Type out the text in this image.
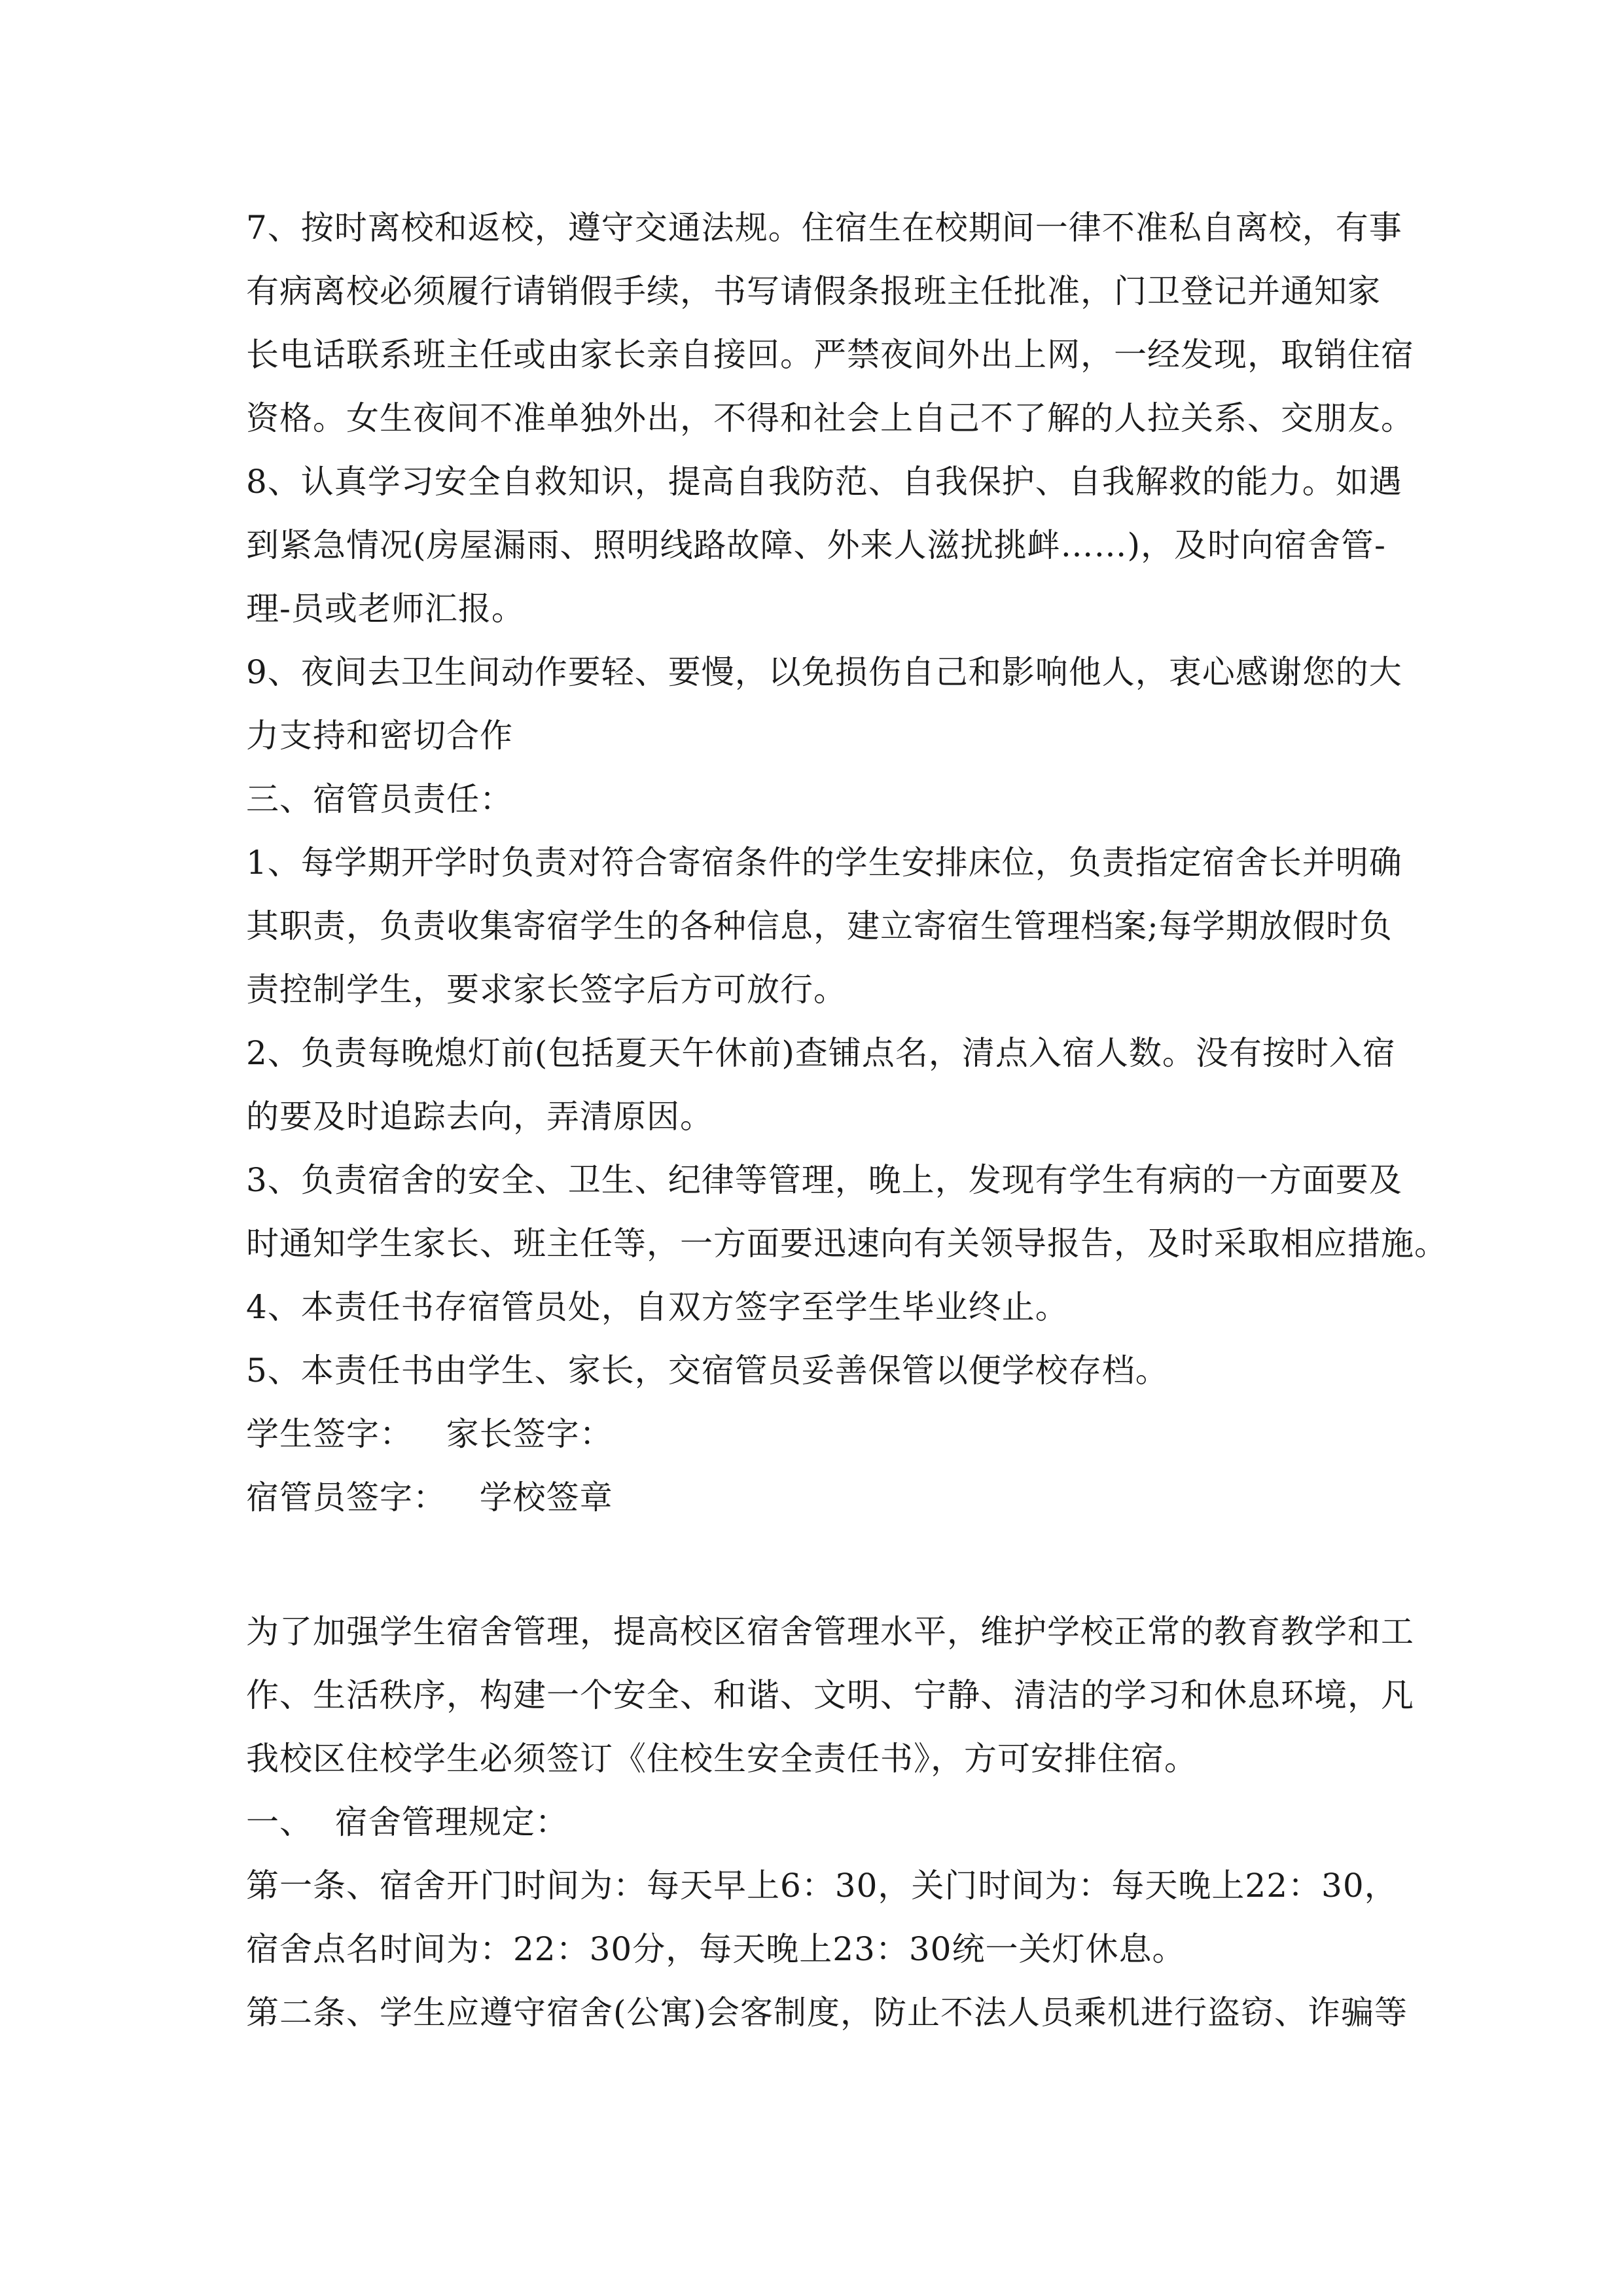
7、按时离校和返校，遵守交通法规。住宿生在校期间一律不准私自离校，有事
有病离校必须履行请销假手续，书写请假条报班主任批准，门卫登记并通知家
长电话联系班主任或由家长亲自接回。严禁夜间外出上网，一经发现，取销住宿
资格。女生夜间不准单独外出，不得和社会上自己不了解的人拉关系、交朋友。
8、认真学习安全自救知识，提高自我防范、自我保护、自我解救的能力。如遇
到紧急情况(房屋漏雨、照明线路故障、外来人滋扰挑衅……)，及时向宿舍管-
理-员或老师汇报。
9、夜间去卫生间动作要轻、要慢，以免损伤自己和影响他人，衷心感谢您的大
力支持和密切合作
三、宿管员责任：
1、每学期开学时负责对符合寄宿条件的学生安排床位，负责指定宿舍长并明确
其职责，负责收集寄宿学生的各种信息，建立寄宿生管理档案;每学期放假时负
责控制学生，要求家长签字后方可放行。
2、负责每晚熄灯前(包括夏天午休前)查铺点名，清点入宿人数。没有按时入宿
的要及时追踪去向，弄清原因。
3、负责宿舍的安全、卫生、纪律等管理，晚上，发现有学生有病的一方面要及
时通知学生家长、班主任等，一方面要迅速向有关领导报告，及时采取相应措施。
4、本责任书存宿管员处，自双方签字至学生毕业终止。
5、本责任书由学生、家长，交宿管员妥善保管以便学校存档。
学生签字：   家长签字：
宿管员签字：   学校签章
为了加强学生宿舍管理，提高校区宿舍管理水平，维护学校正常的教育教学和工
作、生活秩序，构建一个安全、和谐、文明、宁静、清洁的学习和休息环境，凡
我校区住校学生必须签订《住校生安全责任书》，方可安排住宿。
一、  宿舍管理规定：
第一条、宿舍开门时间为：每天早上6：30，关门时间为：每天晚上22：30，
宿舍点名时间为：22：30分，每天晚上23：30统一关灯休息。
第二条、学生应遵守宿舍(公寓)会客制度，防止不法人员乘机进行盗窃、诈骗等
